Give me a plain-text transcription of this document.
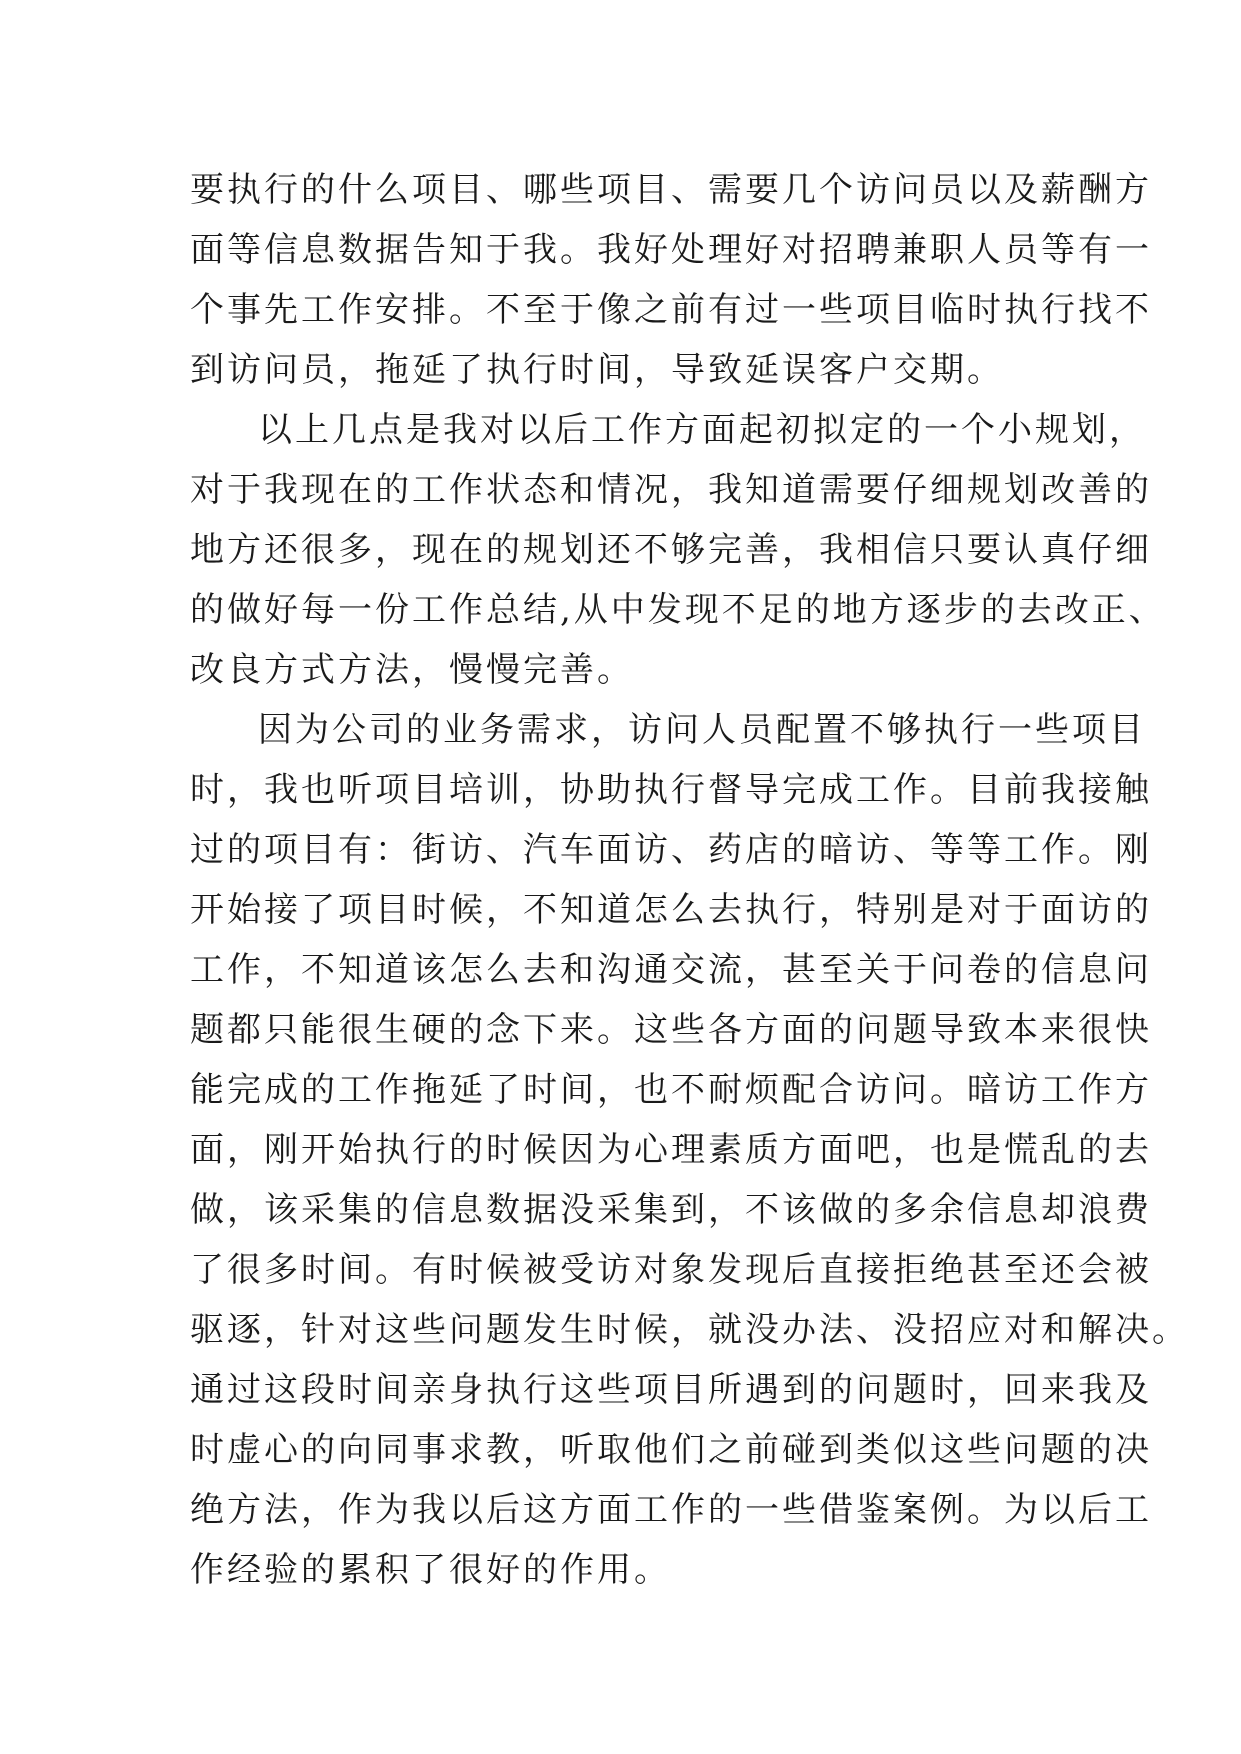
要执行的什么项目、哪些项目、需要几个访问员以及薪酬方
面等信息数据告知于我。我好处理好对招聘兼职人员等有一
个事先工作安排。不至于像之前有过一些项目临时执行找不
到访问员，拖延了执行时间，导致延误客户交期。
以上几点是我对以后工作方面起初拟定的一个小规划，
对于我现在的工作状态和情况，我知道需要仔细规划改善的
地方还很多，现在的规划还不够完善，我相信只要认真仔细
的做好每一份工作总结,从中发现不足的地方逐步的去改正、
改良方式方法，慢慢完善。
因为公司的业务需求，访问人员配置不够执行一些项目
时，我也听项目培训，协助执行督导完成工作。目前我接触
过的项目有：街访、汽车面访、药店的暗访、等等工作。刚
开始接了项目时候，不知道怎么去执行，特别是对于面访的
工作，不知道该怎么去和沟通交流，甚至关于问卷的信息问
题都只能很生硬的念下来。这些各方面的问题导致本来很快
能完成的工作拖延了时间，也不耐烦配合访问。暗访工作方
面，刚开始执行的时候因为心理素质方面吧，也是慌乱的去
做，该采集的信息数据没采集到，不该做的多余信息却浪费
了很多时间。有时候被受访对象发现后直接拒绝甚至还会被
驱逐，针对这些问题发生时候，就没办法、没招应对和解决。
通过这段时间亲身执行这些项目所遇到的问题时，回来我及
时虚心的向同事求教，听取他们之前碰到类似这些问题的决
绝方法，作为我以后这方面工作的一些借鉴案例。为以后工
作经验的累积了很好的作用。
